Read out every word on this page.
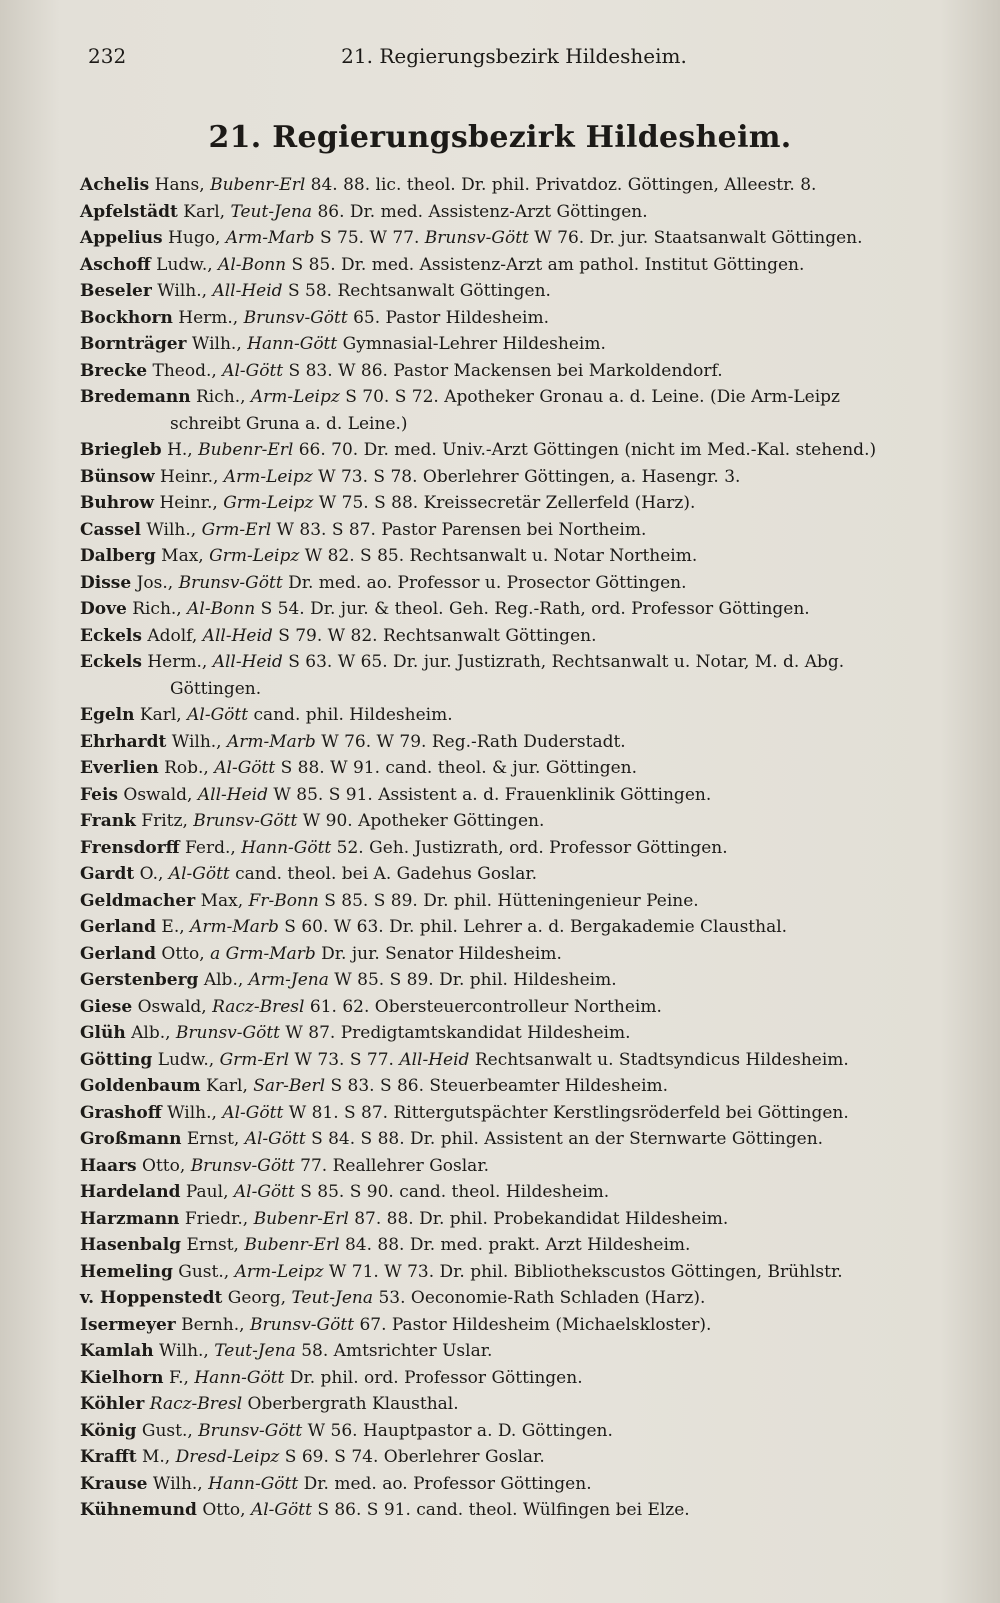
232	21. Regierungsbezirk Hildesheim.
21. Regierungsbezirk Hildesheim.
Achelis Hans, Bubenr-Erl 84. 88. lic. theol. Dr. phil. Privatdoz. Göttingen, Alleestr. 8.
Apfelstädt Karl, Teut-Jena 86. Dr. med. Assistenz-Arzt Göttingen.
Appelius Hugo, Arm-Marb S 75. W 77. Brunsv-Gött W 76. Dr. jur. Staatsanwalt Göttingen.
Aschoff Ludw., Al-Bonn S 85. Dr. med. Assistenz-Arzt am pathol. Institut Göttingen.
Beseler Wilh., All-Heid S 58. Rechtsanwalt Göttingen.
Bockhorn Herm., Brunsv-Gött 65. Pastor Hildesheim.
Bornträger Wilh., Hann-Gött Gymnasial-Lehrer Hildesheim.
Brecke Theod., Al-Gött S 83. W 86. Pastor Mackensen bei Markoldendorf.
Bredemann Rich., Arm-Leipz S 70. S 72. Apotheker Gronau a. d. Leine. (Die Arm-Leipz
schreibt Gruna a. d. Leine.)
Briegleb H., Bubenr-Erl 66. 70. Dr. med. Univ.-Arzt Göttingen (nicht im Med.-Kal. stehend.)
Bünsow Heinr., Arm-Leipz W 73. S 78. Oberlehrer Göttingen, a. Hasengr. 3.
Buhrow Heinr., Grm-Leipz W 75. S 88. Kreissecretär Zellerfeld (Harz).
Cassel Wilh., Grm-Erl W 83. S 87. Pastor Parensen bei Northeim.
Dalberg Max, Grm-Leipz W 82. S 85. Rechtsanwalt u. Notar Northeim.
Disse Jos., Brunsv-Gött Dr. med. ao. Professor u. Prosector Göttingen.
Dove Rich., Al-Bonn S 54. Dr. jur. & theol. Geh. Reg.-Rath, ord. Professor Göttingen.
Eckels Adolf, All-Heid S 79. W 82. Rechtsanwalt Göttingen.
Eckels Herm., All-Heid S 63. W 65. Dr. jur. Justizrath, Rechtsanwalt u. Notar, M. d. Abg.
Göttingen.
Egeln Karl, Al-Gött cand. phil. Hildesheim.
Ehrhardt Wilh., Arm-Marb W 76. W 79. Reg.-Rath Duderstadt.
Everlien Rob., Al-Gött S 88. W 91. cand. theol. & jur. Göttingen.
Feis Oswald, All-Heid W 85. S 91. Assistent a. d. Frauenklinik Göttingen.
Frank Fritz, Brunsv-Gött W 90. Apotheker Göttingen.
Frensdorff Ferd., Hann-Gött 52. Geh. Justizrath, ord. Professor Göttingen.
Gardt O., Al-Gött cand. theol. bei A. Gadehus Goslar.
Geldmacher Max, Fr-Bonn S 85. S 89. Dr. phil. Hütteningenieur Peine.
Gerland E., Arm-Marb S 60. W 63. Dr. phil. Lehrer a. d. Bergakademie Clausthal.
Gerland Otto, a Grm-Marb Dr. jur. Senator Hildesheim.
Gerstenberg Alb., Arm-Jena W 85. S 89. Dr. phil. Hildesheim.
Giese Oswald, Racz-Bresl 61. 62. Obersteuercontrolleur Northeim.
Glüh Alb., Brunsv-Gött W 87. Predigtamtskandidat Hildesheim.
Götting Ludw., Grm-Erl W 73. S 77. All-Heid Rechtsanwalt u. Stadtsyndicus Hildesheim.
Goldenbaum Karl, Sar-Berl S 83. S 86. Steuerbeamter Hildesheim.
Grashoff Wilh., Al-Gött W 81. S 87. Rittergutspächter Kerstlingsröderfeld bei Göttingen.
Großmann Ernst, Al-Gött S 84. S 88. Dr. phil. Assistent an der Sternwarte Göttingen.
Haars Otto, Brunsv-Gött 77. Reallehrer Goslar.
Hardeland Paul, Al-Gött S 85. S 90. cand. theol. Hildesheim.
Harzmann Friedr., Bubenr-Erl 87. 88. Dr. phil. Probekandidat Hildesheim.
Hasenbalg Ernst, Bubenr-Erl 84. 88. Dr. med. prakt. Arzt Hildesheim.
Hemeling Gust., Arm-Leipz W 71. W 73. Dr. phil. Bibliothekscustos Göttingen, Brühlstr.
v. Hoppenstedt Georg, Teut-Jena 53. Oeconomie-Rath Schladen (Harz).
Isermeyer Bernh., Brunsv-Gött 67. Pastor Hildesheim (Michaelskloster).
Kamlah Wilh., Teut-Jena 58. Amtsrichter Uslar.
Kielhorn F., Hann-Gött Dr. phil. ord. Professor Göttingen.
Köhler Racz-Bresl Oberbergrath Klausthal.
König Gust., Brunsv-Gött W 56. Hauptpastor a. D. Göttingen.
Krafft M., Dresd-Leipz S 69. S 74. Oberlehrer Goslar.
Krause Wilh., Hann-Gött Dr. med. ao. Professor Göttingen.
Kühnemund Otto, Al-Gött S 86. S 91. cand. theol. Wülfingen bei Elze.
